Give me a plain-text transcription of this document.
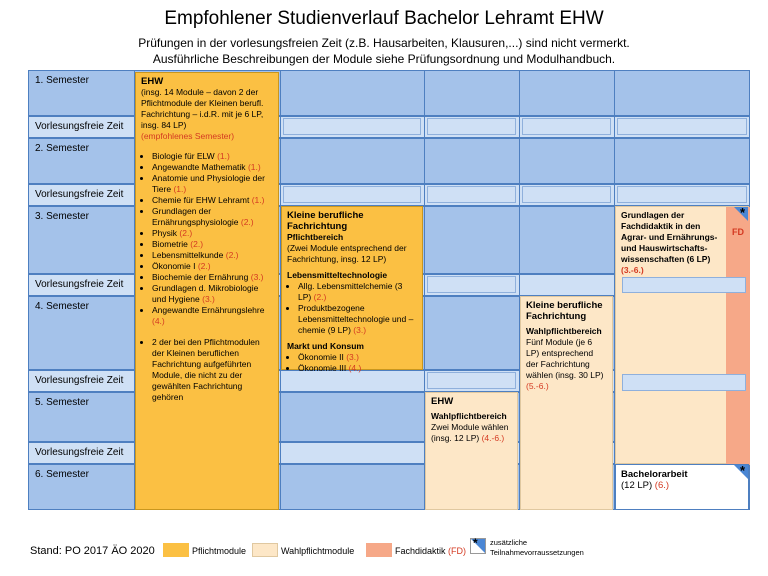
Empfohlener Studienverlauf Bachelor Lehramt EHW
Prüfungen in der vorlesungsfreien Zeit (z.B. Hausarbeiten, Klausuren,...) sind nicht vermerkt.
Ausführliche Beschreibungen der Module siehe Prüfungsordnung und Modulhandbuch.
1. Semester
Vorlesungsfreie Zeit
2. Semester
Vorlesungsfreie Zeit
3. Semester
Vorlesungsfreie Zeit
4. Semester
Vorlesungsfreie Zeit
5. Semester
Vorlesungsfreie Zeit
6. Semester
EHW
(insg. 14 Module – davon 2 der
Pflichtmodule der Kleinen berufl.
Fachrichtung – i.d.R. mit je 6 LP,
insg. 84 LP)
(empfohlenes Semester)
• Biologie für ELW (1.)
• Angewandte Mathematik (1.)
• Anatomie und Physiologie der Tiere (1.)
• Chemie für EHW Lehramt (1.)
• Grundlagen der Ernährungsphysiologie (2.)
• Physik (2.)
• Biometrie (2.)
• Lebensmittelkunde (2.)
• Ökonomie I (2.)
• Biochemie der Ernährung (3.)
• Grundlagen d. Mikrobiologie und Hygiene (3.)
• Angewandte Ernährungslehre (4.)
• 2 der bei den Pflichtmodulen der Kleinen beruflichen Fachrichtung aufgeführten Module, die nicht zu der gewählten Fachrichtung gehören
Kleine berufliche Fachrichtung
Pflichtbereich
(Zwei Module entsprechend der Fachrichtung, insg. 12 LP)
Lebensmitteltechnologie
• Allg. Lebensmittelchemie (3 LP) (2.)
• Produktbezogene Lebensmitteltechnologie und –chemie (9 LP) (3.)
Markt und Konsum
• Ökonomie II (3.)
• Ökonomie III (4.)
Kleine berufliche Fachrichtung
Wahlpflichtbereich
Fünf Module (je 6 LP) entsprechend der Fachrichtung wählen (insg. 30 LP) (5.-6.)
EHW
Wahlpflichtbereich
Zwei Module wählen (insg. 12 LP) (4.-6.)
FD
Grundlagen der Fachdidaktik in den Agrar- und Ernährungs- und Hauswirtschafts-wissenschaften (6 LP)
(3.-6.)
*
Bachelorarbeit
(12 LP) (6.)
*
Stand: PO 2017 ÄO 2020	Pflichtmodule	Wahlpflichtmodule	Fachdidaktik (FD)
* zusätzliche Teilnahmevorraussetzungen
